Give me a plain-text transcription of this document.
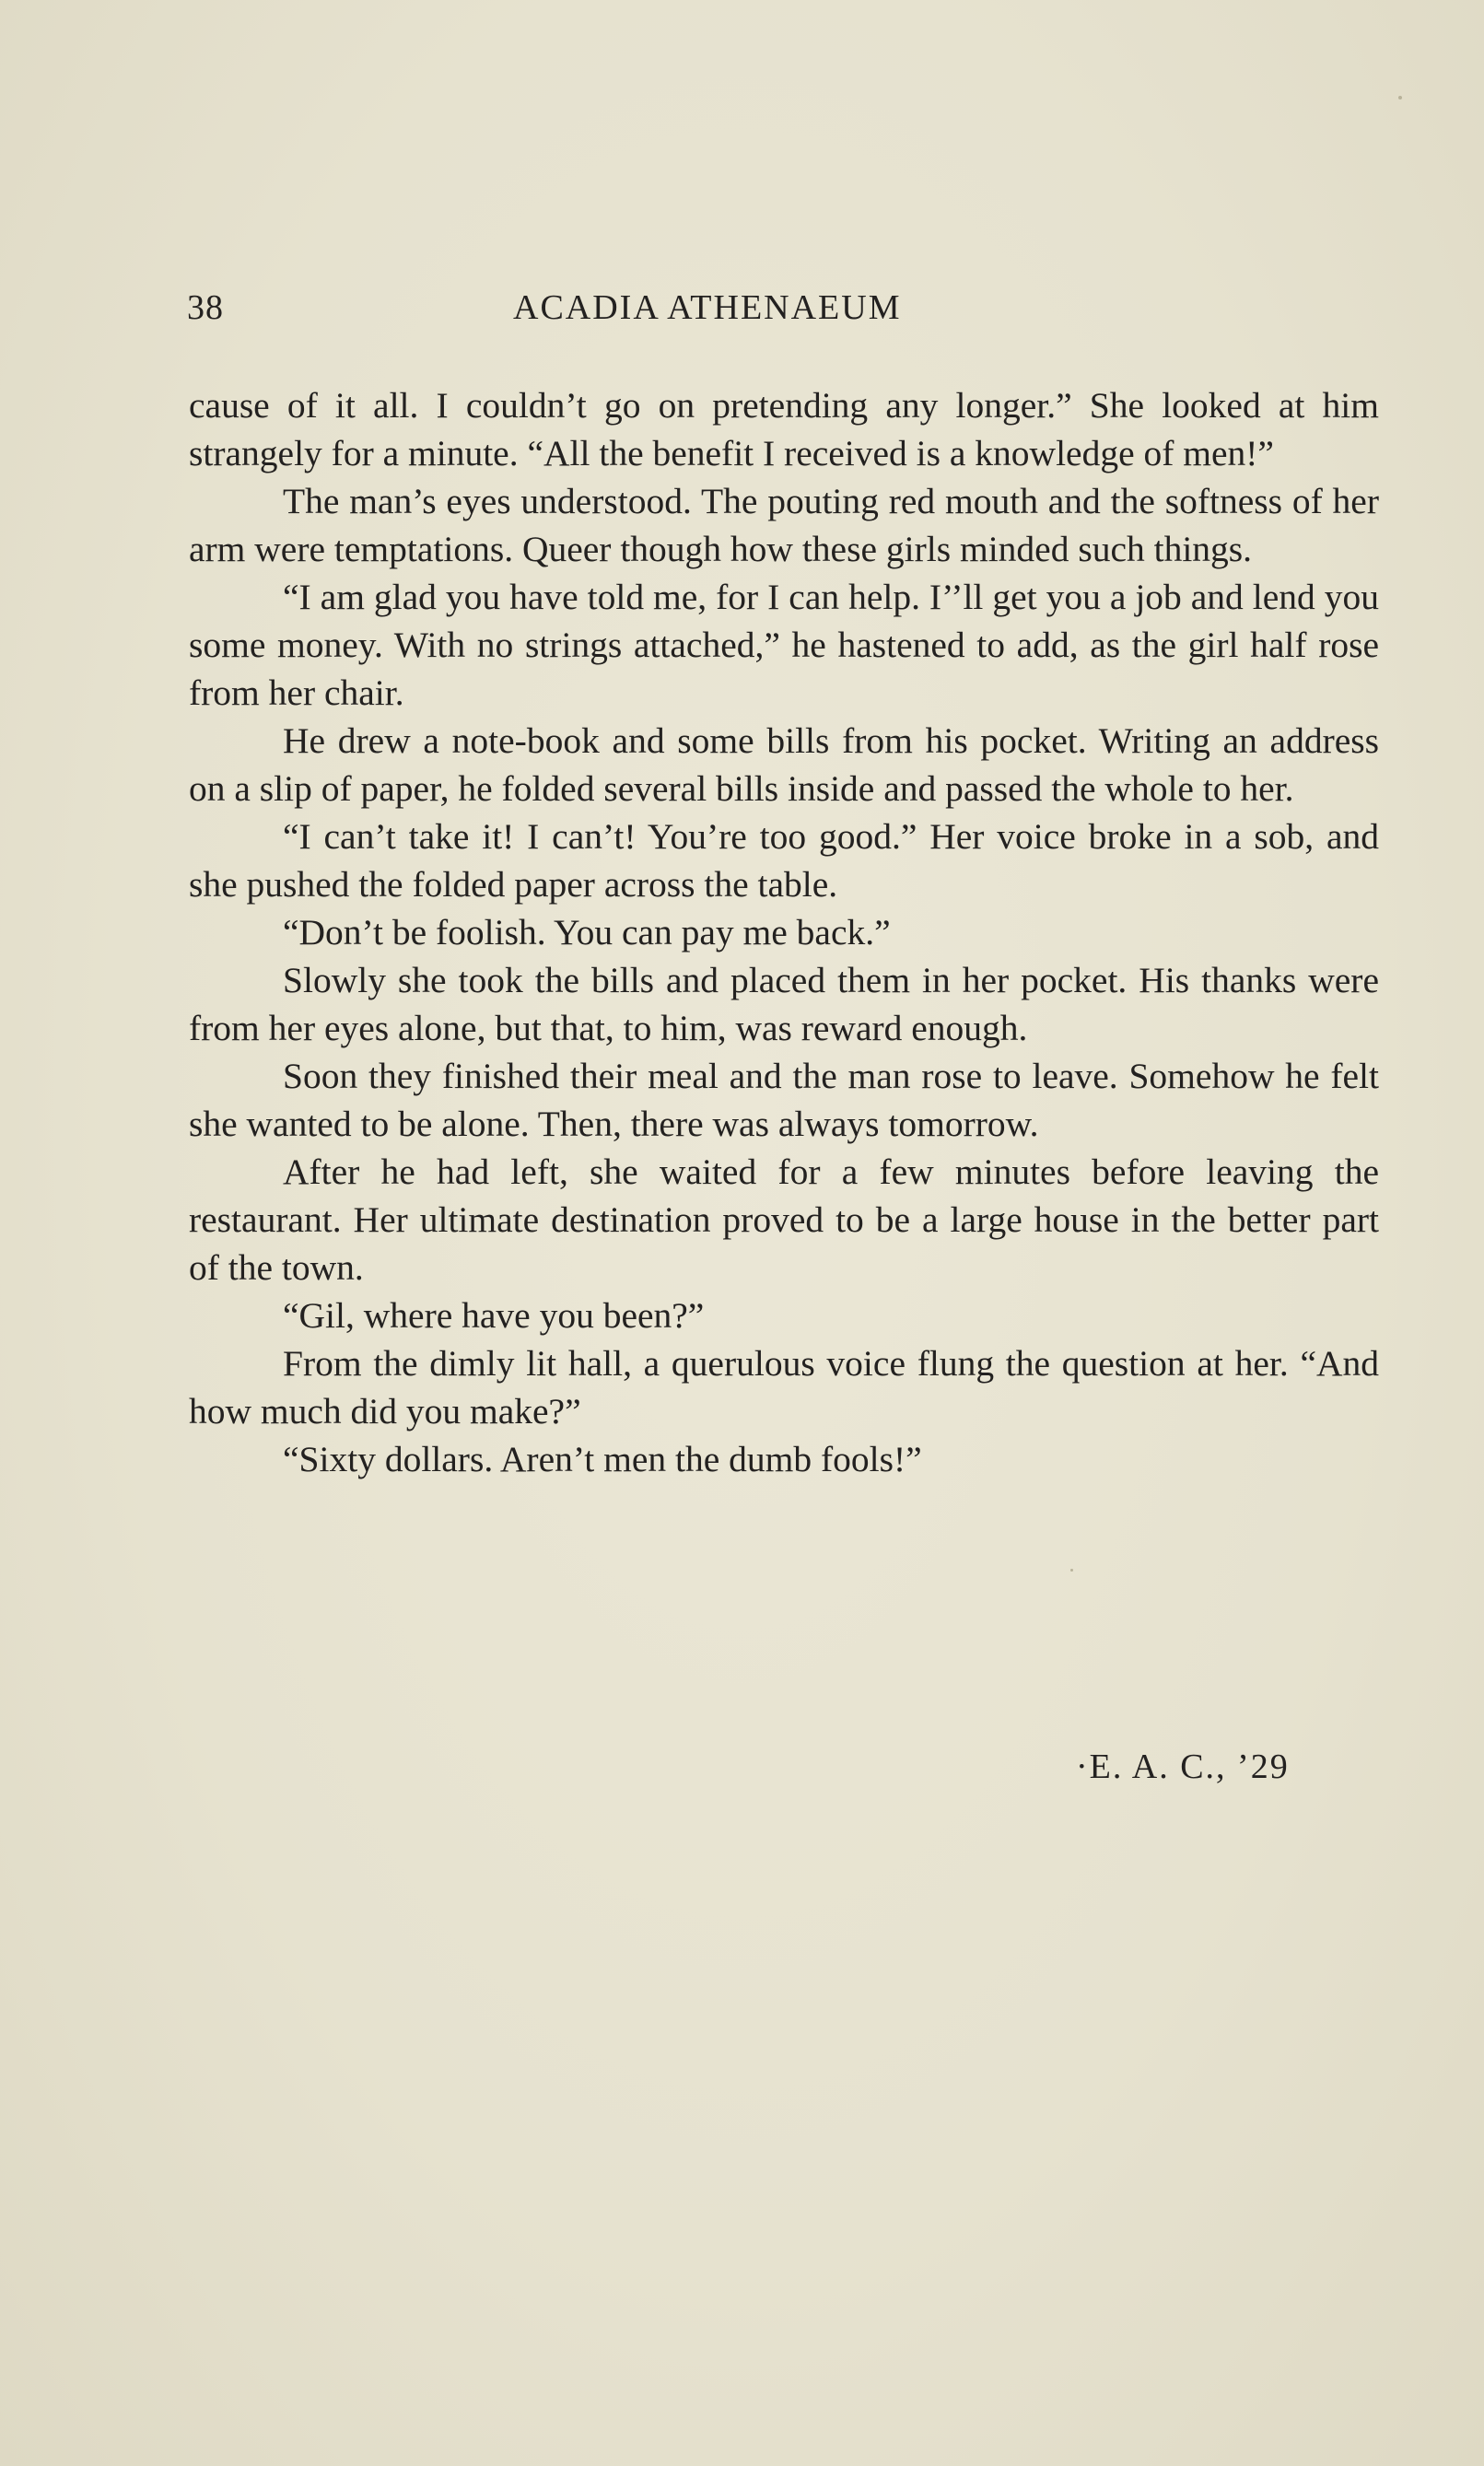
38	ACADIA ATHENAEUM

cause of it all. I couldn’t go on pretending any longer.” She looked at him strangely for a minute. “All the benefit I received is a knowledge of men!”

The man’s eyes understood. The pouting red mouth and the softness of her arm were temptations. Queer though how these girls minded such things.

“I am glad you have told me, for I can help. I’’ll get you a job and lend you some money. With no strings attached,” he hastened to add, as the girl half rose from her chair.

He drew a note-book and some bills from his pocket. Writing an address on a slip of paper, he folded several bills inside and passed the whole to her.

“I can’t take it! I can’t! You’re too good.” Her voice broke in a sob, and she pushed the folded paper across the table.

“Don’t be foolish. You can pay me back.”

Slowly she took the bills and placed them in her pocket. His thanks were from her eyes alone, but that, to him, was reward enough.

Soon they finished their meal and the man rose to leave. Somehow he felt she wanted to be alone. Then, there was always tomorrow.

After he had left, she waited for a few minutes before leaving the restaurant. Her ultimate destination proved to be a large house in the better part of the town.

“Gil, where have you been?”

From the dimly lit hall, a querulous voice flung the question at her. “And how much did you make?”

“Sixty dollars. Aren’t men the dumb fools!”

·E. A. C., ’29
